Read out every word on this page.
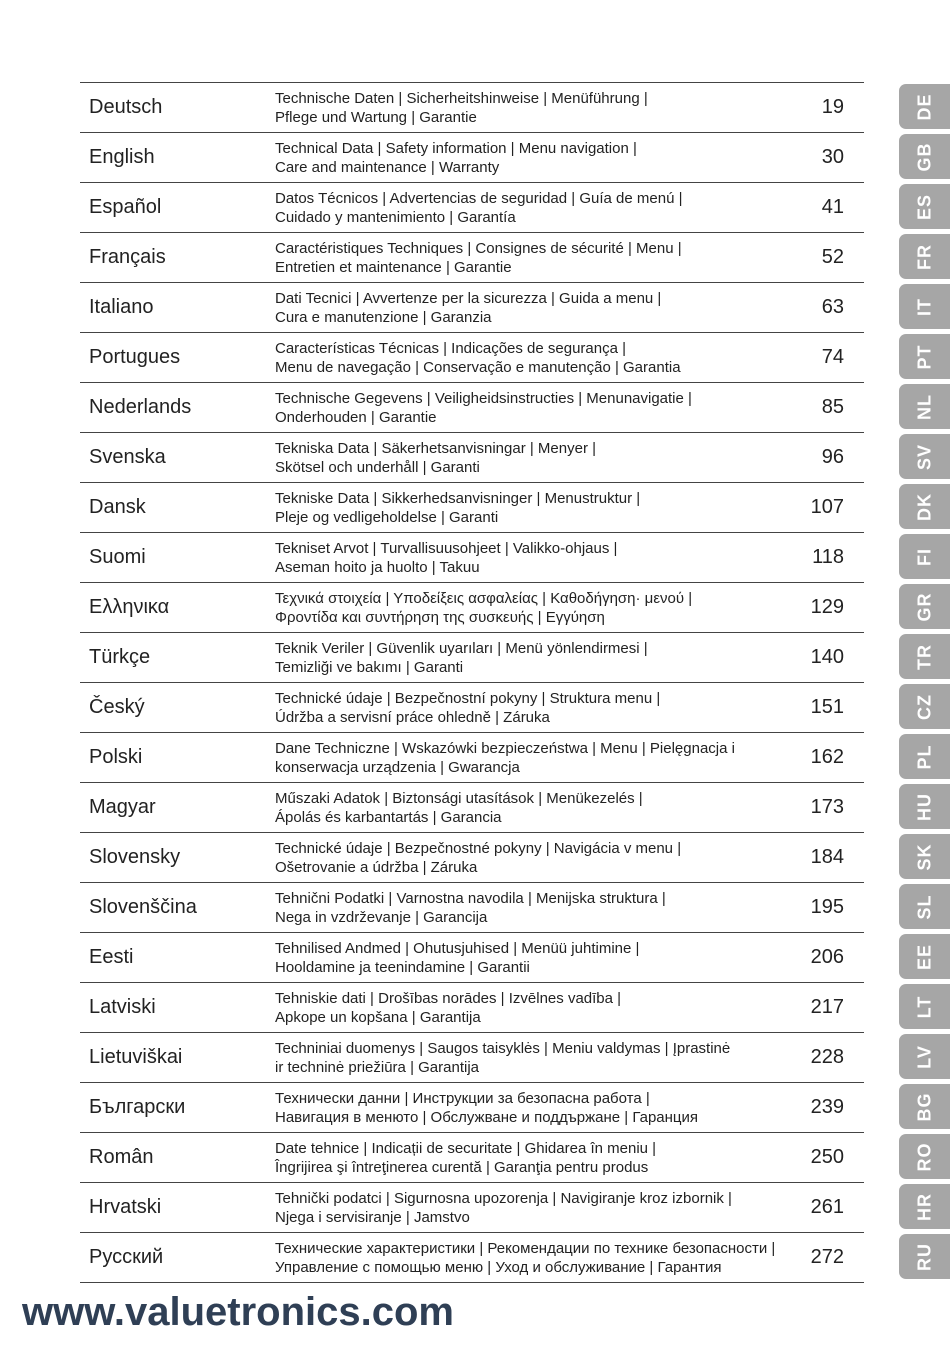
Deutsch	Technische Daten | Sicherheitshinweise | Menüführung |
Pflege und Wartung | Garantie	19
English	Technical Data | Safety information | Menu navigation |
Care and maintenance | Warranty	30
Español	Datos Técnicos | Advertencias de seguridad | Guía de menú |
Cuidado y mantenimiento | Garantía	41
Français	Caractéristiques Techniques | Consignes de sécurité | Menu |
Entretien et maintenance | Garantie	52
Italiano	Dati Tecnici | Avvertenze per la sicurezza | Guida a menu |
Cura e manutenzione | Garanzia	63
Portugues	Características Técnicas | Indicações de segurança |
Menu de navegação | Conservação e manutenção | Garantia	74
Nederlands	Technische Gegevens | Veiligheidsinstructies | Menunavigatie |
Onderhouden | Garantie	85
Svenska	Tekniska Data | Säkerhetsanvisningar | Menyer |
Skötsel och underhåll | Garanti	96
Dansk	Tekniske Data | Sikkerhedsanvisninger | Menustruktur |
Pleje og vedligeholdelse | Garanti	107
Suomi	Tekniset Arvot | Turvallisuusohjeet | Valikko-ohjaus |
Aseman hoito ja huolto | Takuu	118
Ελληνικα	Τεχνικά στοιχεία | Υποδείξεις ασφαλείας | Καθοδήγηση· μενού |
Φροντίδα και συντήρηση της συσκευής | Εγγύηση	129
Türkçe	Teknik Veriler | Güvenlik uyarıları | Menü yönlendirmesi |
Temizliği ve bakımı | Garanti	140
Český	Technické údaje | Bezpečnostní pokyny | Struktura menu |
Údržba a servisní práce ohledně | Záruka	151
Polski	Dane Techniczne | Wskazówki bezpieczeństwa | Menu | Pielęgnacja i
konserwacja urządzenia | Gwarancja	162
Magyar	Műszaki Adatok | Biztonsági utasítások | Menükezelés |
Ápolás és karbantartás | Garancia	173
Slovensky	Technické údaje | Bezpečnostné pokyny | Navigácia v menu |
Ošetrovanie a údržba | Záruka	184
Slovenščina	Tehnični Podatki | Varnostna navodila | Menijska struktura |
Nega in vzdrževanje | Garancija	195
Eesti	Tehnilised Andmed | Ohutusjuhised | Menüü juhtimine |
Hooldamine ja teenindamine | Garantii	206
Latviski	Tehniskie dati | Drošības norādes | Izvēlnes vadība |
Apkope un kopšana | Garantija	217
Lietuviškai	Techniniai duomenys | Saugos taisyklės | Meniu valdymas | Įprastinė
ir techninė priežiūra | Garantija	228
Български	Технически данни | Инструкции за безопасна работа |
Навигация в менюто | Обслужване и поддържане | Гаранция	239
Român	Date tehnice | Indicații de securitate | Ghidarea în meniu |
Îngrijirea şi întreţinerea curentă | Garanţia pentru produs	250
Hrvatski	Tehnički podatci | Sigurnosna upozorenja | Navigiranje kroz izbornik |
Njega i servisiranje | Jamstvo	261
Русский	Технические характеристики | Рекомендации по технике безопасности |
Управление с помощью меню | Уход и обслуживание | Гарантия	272
DE
GB
ES
FR
IT
PT
NL
SV
DK
FI
GR
TR
CZ
PL
HU
SK
SL
EE
LT
LV
BG
RO
HR
RU
www.valuetronics.com
